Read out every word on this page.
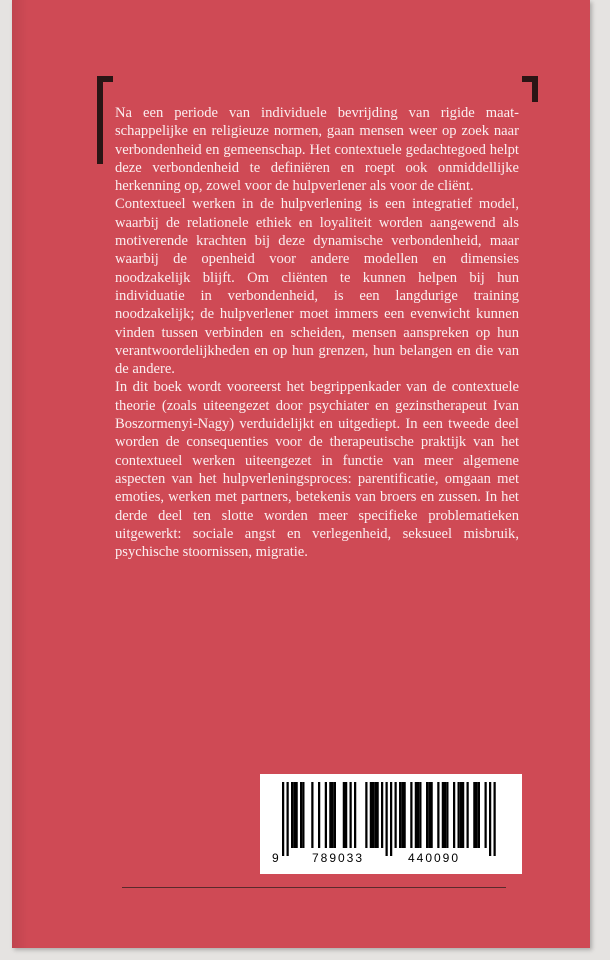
Na een periode van individuele bevrijding van rigide maatschappelijke en religieuze normen, gaan mensen weer op zoek naar verbondenheid en gemeenschap. Het contextuele gedachtegoed helpt deze verbondenheid te definiëren en roept ook onmiddellijke herkenning op, zowel voor de hulpverlener als voor de cliënt.

Contextueel werken in de hulpverlening is een integratief model, waarbij de relationele ethiek en loyaliteit worden aangewend als motiverende krachten bij deze dynamische verbondenheid, maar waarbij de openheid voor andere modellen en dimensies noodzakelijk blijft. Om cliënten te kunnen helpen bij hun individuatie in verbondenheid, is een langdurige training noodzakelijk; de hulpverlener moet immers een evenwicht kunnen vinden tussen verbinden en scheiden, mensen aanspreken op hun verantwoordelijkheden en op hun grenzen, hun belangen en die van de andere.

In dit boek wordt vooreerst het begrippenkader van de contextuele theorie (zoals uiteengezet door psychiater en gezinstherapeut Ivan Boszormenyi-Nagy) verduidelijkt en uitgediept. In een tweede deel worden de consequenties voor de therapeutische praktijk van het contextueel werken uiteengezet in functie van meer algemene aspecten van het hulpverleningsproces: parentificatie, omgaan met emoties, werken met partners, betekenis van broers en zussen. In het derde deel ten slotte worden meer specifieke problematieken uitgewerkt: sociale angst en verlegenheid, seksueel misbruik, psychische stoornissen, migratie.

9	789033	440090
